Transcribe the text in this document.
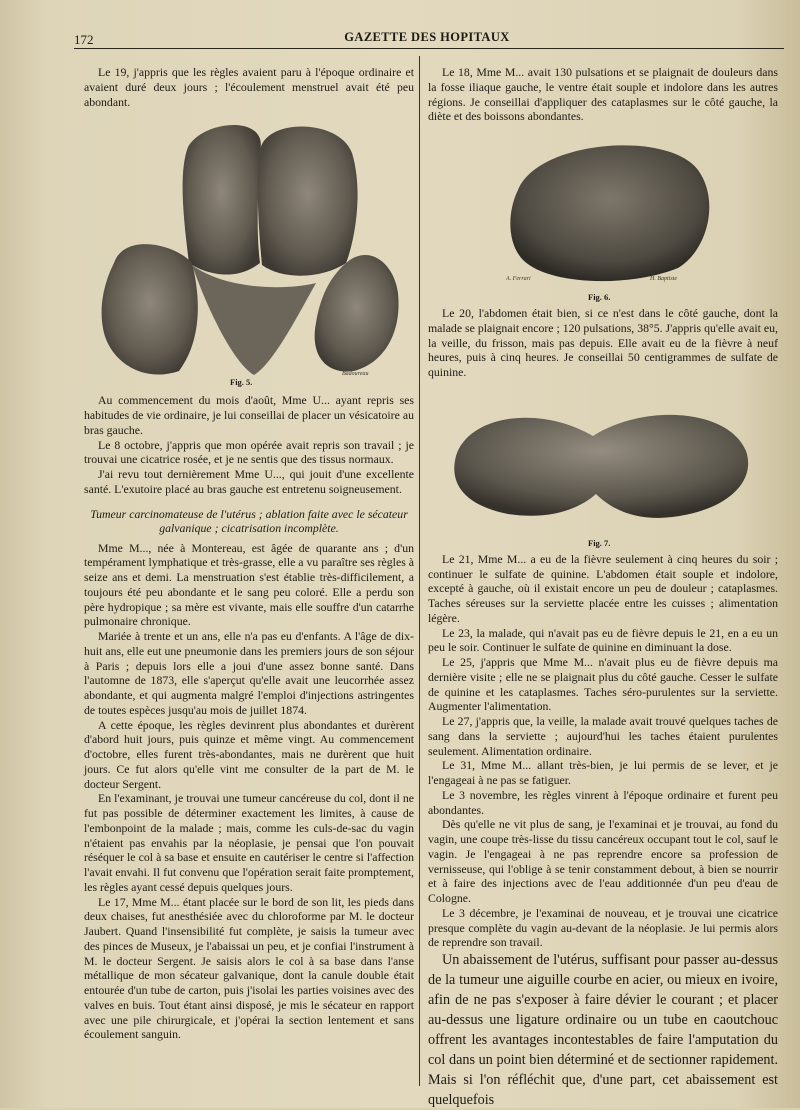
172	GAZETTE DES HOPITAUX

Le 19, j'appris que les règles avaient paru à l'époque ordinaire et avaient duré deux jours ; l'écoulement menstruel avait été peu abondant.

Badoureau
Fig. 5.

Au commencement du mois d'août, Mme U... ayant repris ses habitudes de vie ordinaire, je lui conseillai de placer un vésicatoire au bras gauche.

Le 8 octobre, j'appris que mon opérée avait repris son travail ; je trouvai une cicatrice rosée, et je ne sentis que des tissus normaux.

J'ai revu tout dernièrement Mme U..., qui jouit d'une excellente santé. L'exutoire placé au bras gauche est entretenu soigneusement.

Tumeur carcinomateuse de l'utérus ; ablation faite avec le sécateur galvanique ; cicatrisation incomplète.

Mme M..., née à Montereau, est âgée de quarante ans ; d'un tempérament lymphatique et très-grasse, elle a vu paraître ses règles à seize ans et demi. La menstruation s'est établie très-difficilement, a toujours été peu abondante et le sang peu coloré. Elle a perdu son père hydropique ; sa mère est vivante, mais elle souffre d'un catarrhe pulmonaire chronique.

Mariée à trente et un ans, elle n'a pas eu d'enfants. A l'âge de dix-huit ans, elle eut une pneumonie dans les premiers jours de son séjour à Paris ; depuis lors elle a joui d'une assez bonne santé. Dans l'automne de 1873, elle s'aperçut qu'elle avait une leucorrhée assez abondante, et qui augmenta malgré l'emploi d'injections astringentes de toutes espèces jusqu'au mois de juillet 1874.

A cette époque, les règles devinrent plus abondantes et durèrent d'abord huit jours, puis quinze et même vingt. Au commencement d'octobre, elles furent très-abondantes, mais ne durèrent que huit jours. Ce fut alors qu'elle vint me consulter de la part de M. le docteur Sergent.

En l'examinant, je trouvai une tumeur cancéreuse du col, dont il ne fut pas possible de déterminer exactement les limites, à cause de l'embonpoint de la malade ; mais, comme les culs-de-sac du vagin n'étaient pas envahis par la néoplasie, je pensai que l'on pouvait réséquer le col à sa base et ensuite en cautériser le centre si l'affection l'avait envahi. Il fut convenu que l'opération serait faite promptement, les règles ayant cessé depuis quelques jours.

Le 17, Mme M... étant placée sur le bord de son lit, les pieds dans deux chaises, fut anesthésiée avec du chloroforme par M. le docteur Jaubert. Quand l'insensibilité fut complète, je saisis la tumeur avec des pinces de Museux, je l'abaissai un peu, et je confiai l'instrument à M. le docteur Sergent. Je saisis alors le col à sa base dans l'anse métallique de mon sécateur galvanique, dont la canule double était entourée d'un tube de carton, puis j'isolai les parties voisines avec des valves en buis. Tout étant ainsi disposé, je mis le sécateur en rapport avec une pile chirurgicale, et j'opérai la section lentement et sans écoulement sanguin.

Le 18, Mme M... avait 130 pulsations et se plaignait de douleurs dans la fosse iliaque gauche, le ventre était souple et indolore dans les autres régions. Je conseillai d'appliquer des cataplasmes sur le côté gauche, la diète et des boissons abondantes.

A. Ferrari	H. Baptiste
Fig. 6.

Le 20, l'abdomen était bien, si ce n'est dans le côté gauche, dont la malade se plaignait encore ; 120 pulsations, 38°5. J'appris qu'elle avait eu, la veille, du frisson, mais pas depuis. Elle avait eu de la fièvre à neuf heures, puis à cinq heures. Je conseillai 50 centigrammes de sulfate de quinine.

Fig. 7.

Le 21, Mme M... a eu de la fièvre seulement à cinq heures du soir ; continuer le sulfate de quinine. L'abdomen était souple et indolore, excepté à gauche, où il existait encore un peu de douleur ; cataplasmes. Taches séreuses sur la serviette placée entre les cuisses ; alimentation légère.

Le 23, la malade, qui n'avait pas eu de fièvre depuis le 21, en a eu un peu le soir. Continuer le sulfate de quinine en diminuant la dose.

Le 25, j'appris que Mme M... n'avait plus eu de fièvre depuis ma dernière visite ; elle ne se plaignait plus du côté gauche. Cesser le sulfate de quinine et les cataplasmes. Taches séro-purulentes sur la serviette. Augmenter l'alimentation.

Le 27, j'appris que, la veille, la malade avait trouvé quelques taches de sang dans la serviette ; aujourd'hui les taches étaient purulentes seulement. Alimentation ordinaire.

Le 31, Mme M... allant très-bien, je lui permis de se lever, et je l'engageai à ne pas se fatiguer.

Le 3 novembre, les règles vinrent à l'époque ordinaire et furent peu abondantes.

Dès qu'elle ne vit plus de sang, je l'examinai et je trouvai, au fond du vagin, une coupe très-lisse du tissu cancéreux occupant tout le col, sauf le vagin. Je l'engageai à ne pas reprendre encore sa profession de vernisseuse, qui l'oblige à se tenir constamment debout, à bien se nourrir et à faire des injections avec de l'eau additionnée d'un peu d'eau de Cologne.

Le 3 décembre, je l'examinai de nouveau, et je trouvai une cicatrice presque complète du vagin au-devant de la néoplasie. Je lui permis alors de reprendre son travail.

Un abaissement de l'utérus, suffisant pour passer au-dessus de la tumeur une aiguille courbe en acier, ou mieux en ivoire, afin de ne pas s'exposer à faire dévier le courant ; et placer au-dessus une ligature ordinaire ou un tube en caoutchouc offrent les avantages incontestables de faire l'amputation du col dans un point bien déterminé et de sectionner rapidement. Mais si l'on réfléchit que, d'une part, cet abaissement est quelquefois
